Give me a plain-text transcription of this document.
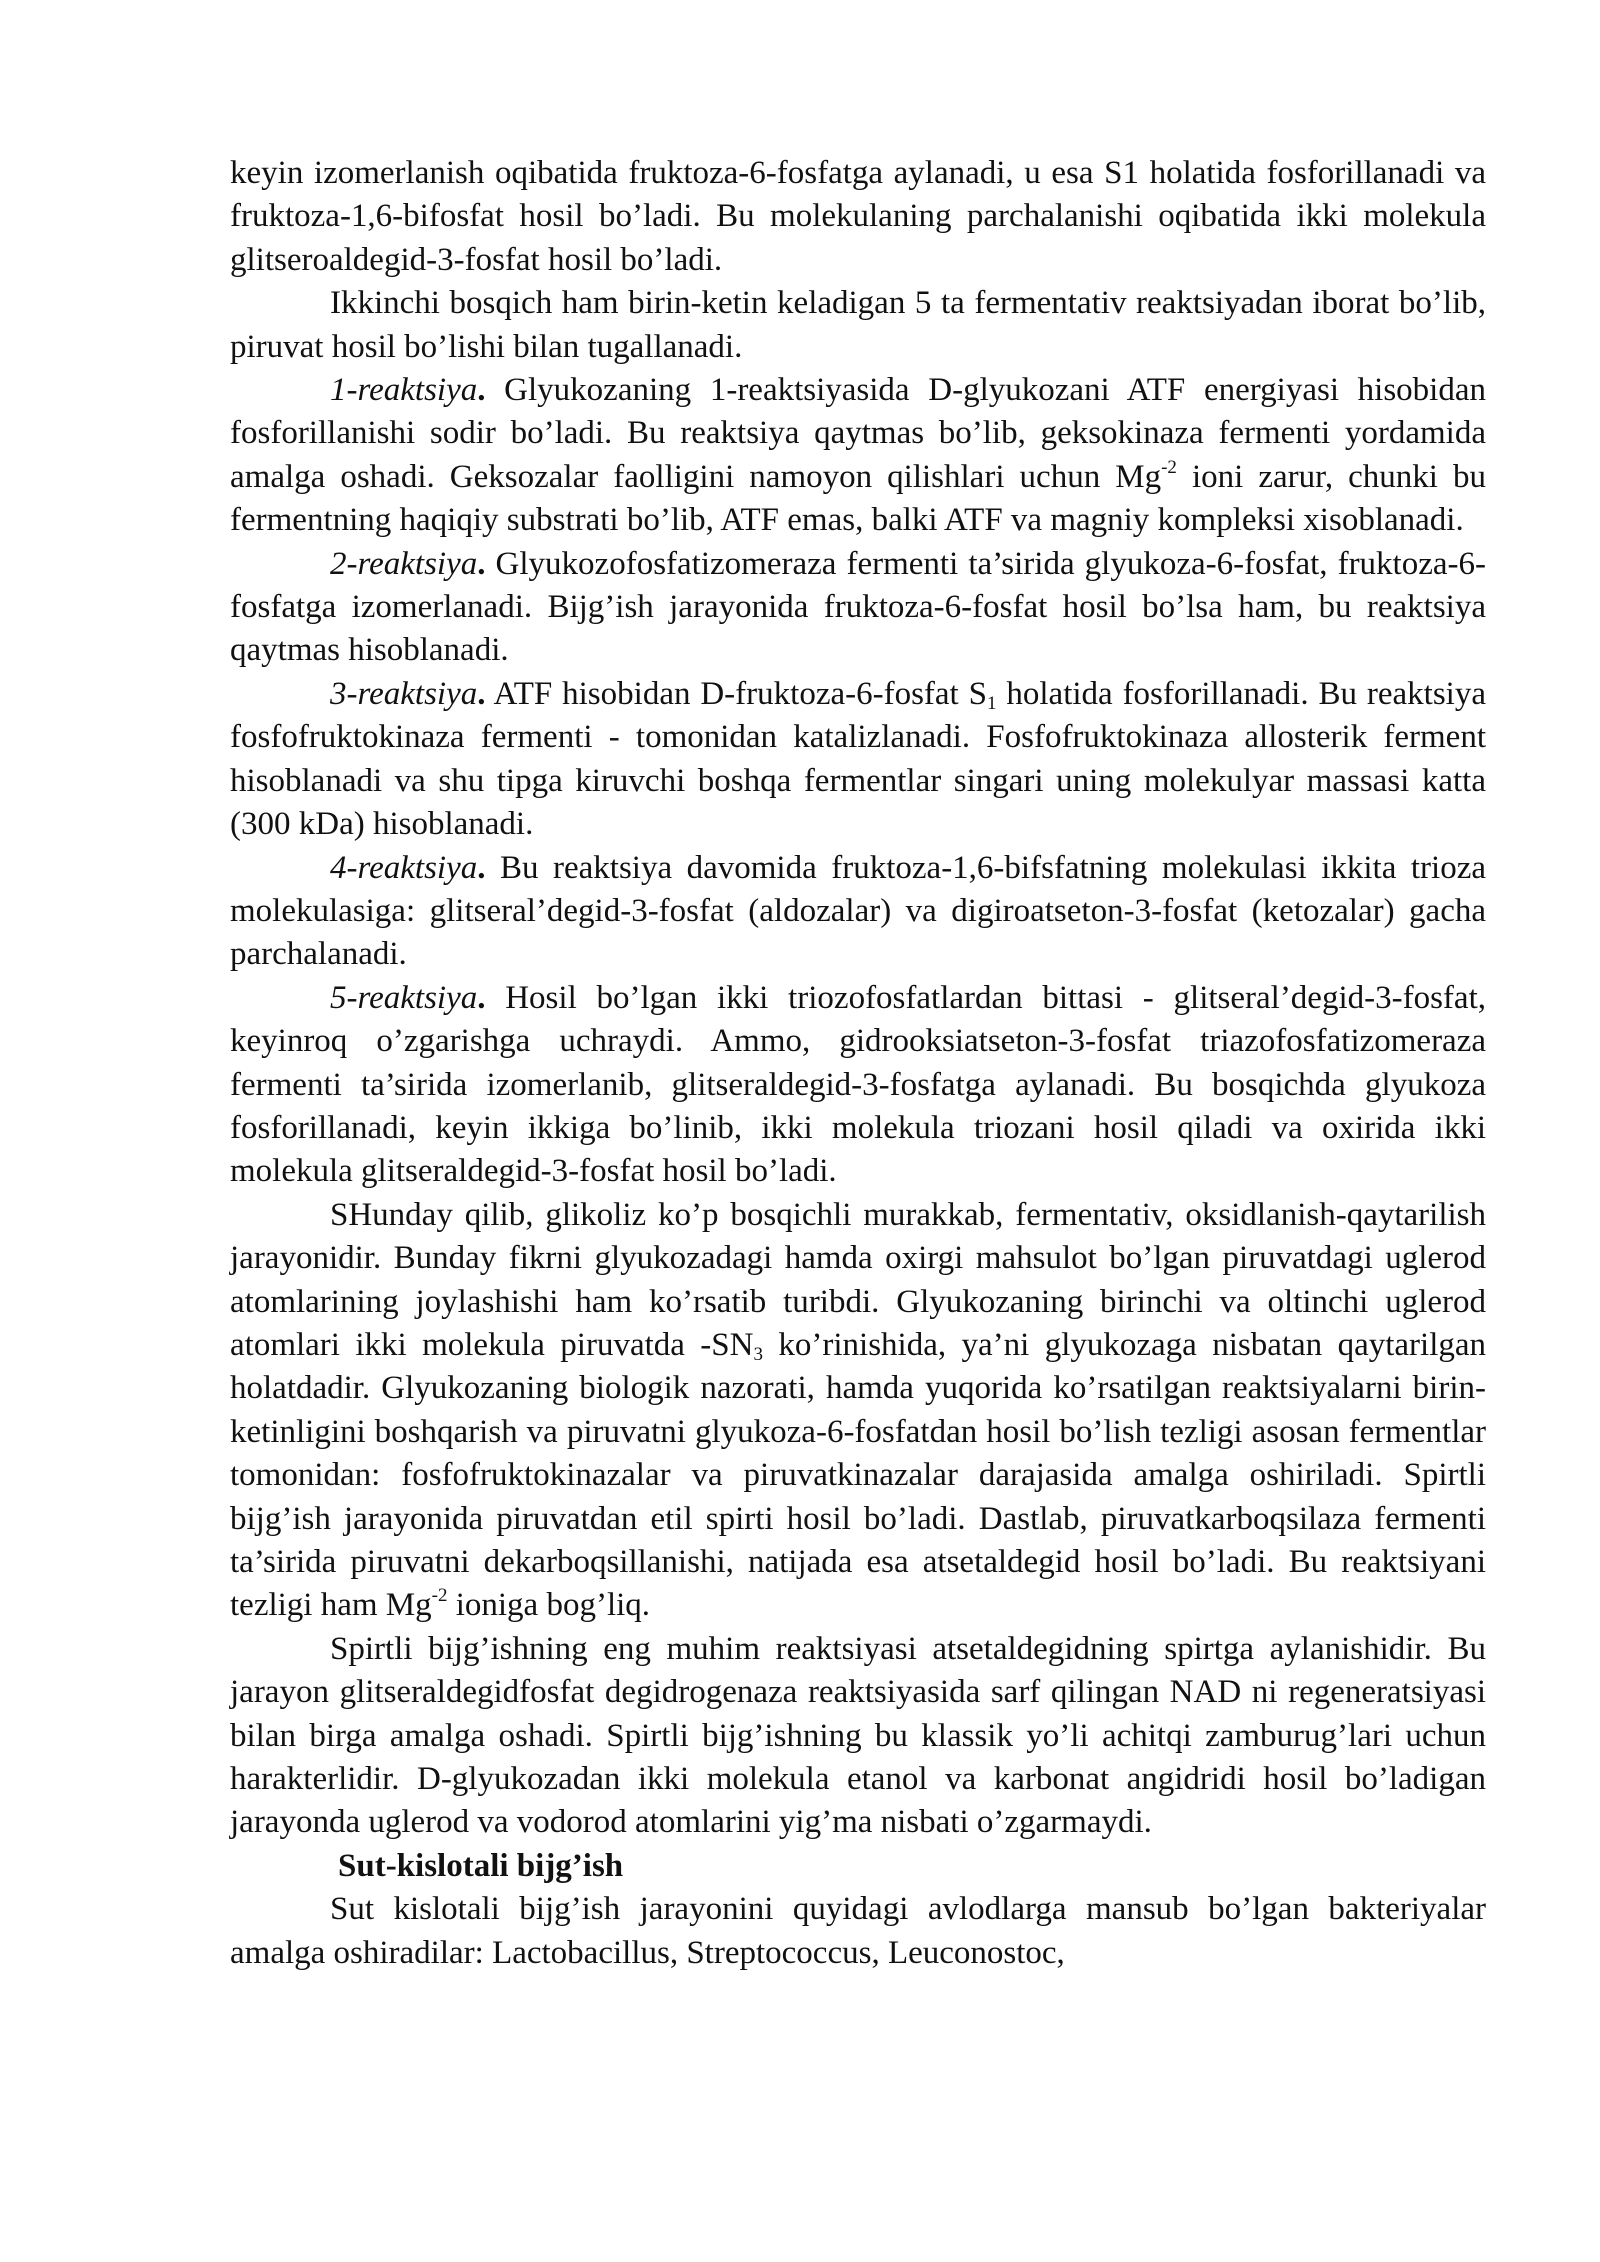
keyin izomerlanish oqibatida fruktoza-6-fosfatga aylanadi, u esa S1 holatida fosforillanadi va fruktoza-1,6-bifosfat hosil bo’ladi. Bu molekulaning parchalanishi oqibatida ikki molekula glitseroaldegid-3-fosfat hosil bo’ladi.

Ikkinchi bosqich ham birin-ketin keladigan 5 ta fermentativ reaktsiyadan iborat bo’lib, piruvat hosil bo’lishi bilan tugallanadi.

1-reaktsiya. Glyukozaning 1-reaktsiyasida D-glyukozani ATF energiyasi hisobidan fosforillanishi sodir bo’ladi. Bu reaktsiya qaytmas bo’lib, geksokinaza fermenti yordamida amalga oshadi. Geksozalar faolligini namoyon qilishlari uchun $Mg^{-2}$ ioni zarur, chunki bu fermentning haqiqiy substrati bo’lib, ATF emas, balki ATF va magniy kompleksi xisoblanadi.

2-reaktsiya. Glyukozofosfatizomeraza fermenti ta’sirida glyukoza-6-fosfat, fruktoza-6-fosfatga izomerlanadi. Bijg’ish jarayonida fruktoza-6-fosfat hosil bo’lsa ham, bu reaktsiya qaytmas hisoblanadi.

3-reaktsiya. ATF hisobidan D-fruktoza-6-fosfat $S_1$ holatida fosforillanadi. Bu reaktsiya fosfofruktokinaza fermenti - tomonidan katalizlanadi. Fosfofruktokinaza allosterik ferment hisoblanadi va shu tipga kiruvchi boshqa fermentlar singari uning molekulyar massasi katta (300 kDa) hisoblanadi.

4-reaktsiya. Bu reaktsiya davomida fruktoza-1,6-bifsfatning molekulasi ikkita trioza molekulasiga: glitseral’degid-3-fosfat (aldozalar) va digiroatseton-3-fosfat (ketozalar) gacha parchalanadi.

5-reaktsiya. Hosil bo’lgan ikki triozofosfatlardan bittasi - glitseral’degid-3-fosfat, keyinroq o’zgarishga uchraydi. Ammo, gidrooksiatseton-3-fosfat triazofosfatizomeraza fermenti ta’sirida izomerlanib, glitseraldegid-3-fosfatga aylanadi. Bu bosqichda glyukoza fosforillanadi, keyin ikkiga bo’linib, ikki molekula triozani hosil qiladi va oxirida ikki molekula glitseraldegid-3-fosfat hosil bo’ladi.

SHunday qilib, glikoliz ko’p bosqichli murakkab, fermentativ, oksidlanish-qaytarilish jarayonidir. Bunday fikrni glyukozadagi hamda oxirgi mahsulot bo’lgan piruvatdagi uglerod atomlarining joylashishi ham ko’rsatib turibdi. Glyukozaning birinchi va oltinchi uglerod atomlari ikki molekula piruvatda $-SN_3$ ko’rinishida, ya’ni glyukozaga nisbatan qaytarilgan holatdadir. Glyukozaning biologik nazorati, hamda yuqorida ko’rsatilgan reaktsiyalarni birin-ketinligini boshqarish va piruvatni glyukoza-6-fosfatdan hosil bo’lish tezligi asosan fermentlar tomonidan: fosfofruktokinazalar va piruvatkinazalar darajasida amalga oshiriladi. Spirtli bijg’ish jarayonida piruvatdan etil spirti hosil bo’ladi. Dastlab, piruvatkarboqsilaza fermenti ta’sirida piruvatni dekarboqsillanishi, natijada esa atsetaldegid hosil bo’ladi. Bu reaktsiyani tezligi ham $Mg^{-2}$ ioniga bog’liq.

Spirtli bijg’ishning eng muhim reaktsiyasi atsetaldegidning spirtga aylanishidir. Bu jarayon glitseraldegidfosfat degidrogenaza reaktsiyasida sarf qilingan NAD ni regeneratsiyasi bilan birga amalga oshadi. Spirtli bijg’ishning bu klassik yo’li achitqi zamburug’lari uchun harakterlidir. D-glyukozadan ikki molekula etanol va karbonat angidridi hosil bo’ladigan jarayonda uglerod va vodorod atomlarini yig’ma nisbati o’zgarmaydi.

Sut-kislotali bijg’ish

Sut kislotali bijg’ish jarayonini quyidagi avlodlarga mansub bo’lgan bakteriyalar amalga oshiradilar: Lactobacillus, Streptococcus, Leuconostoc,
